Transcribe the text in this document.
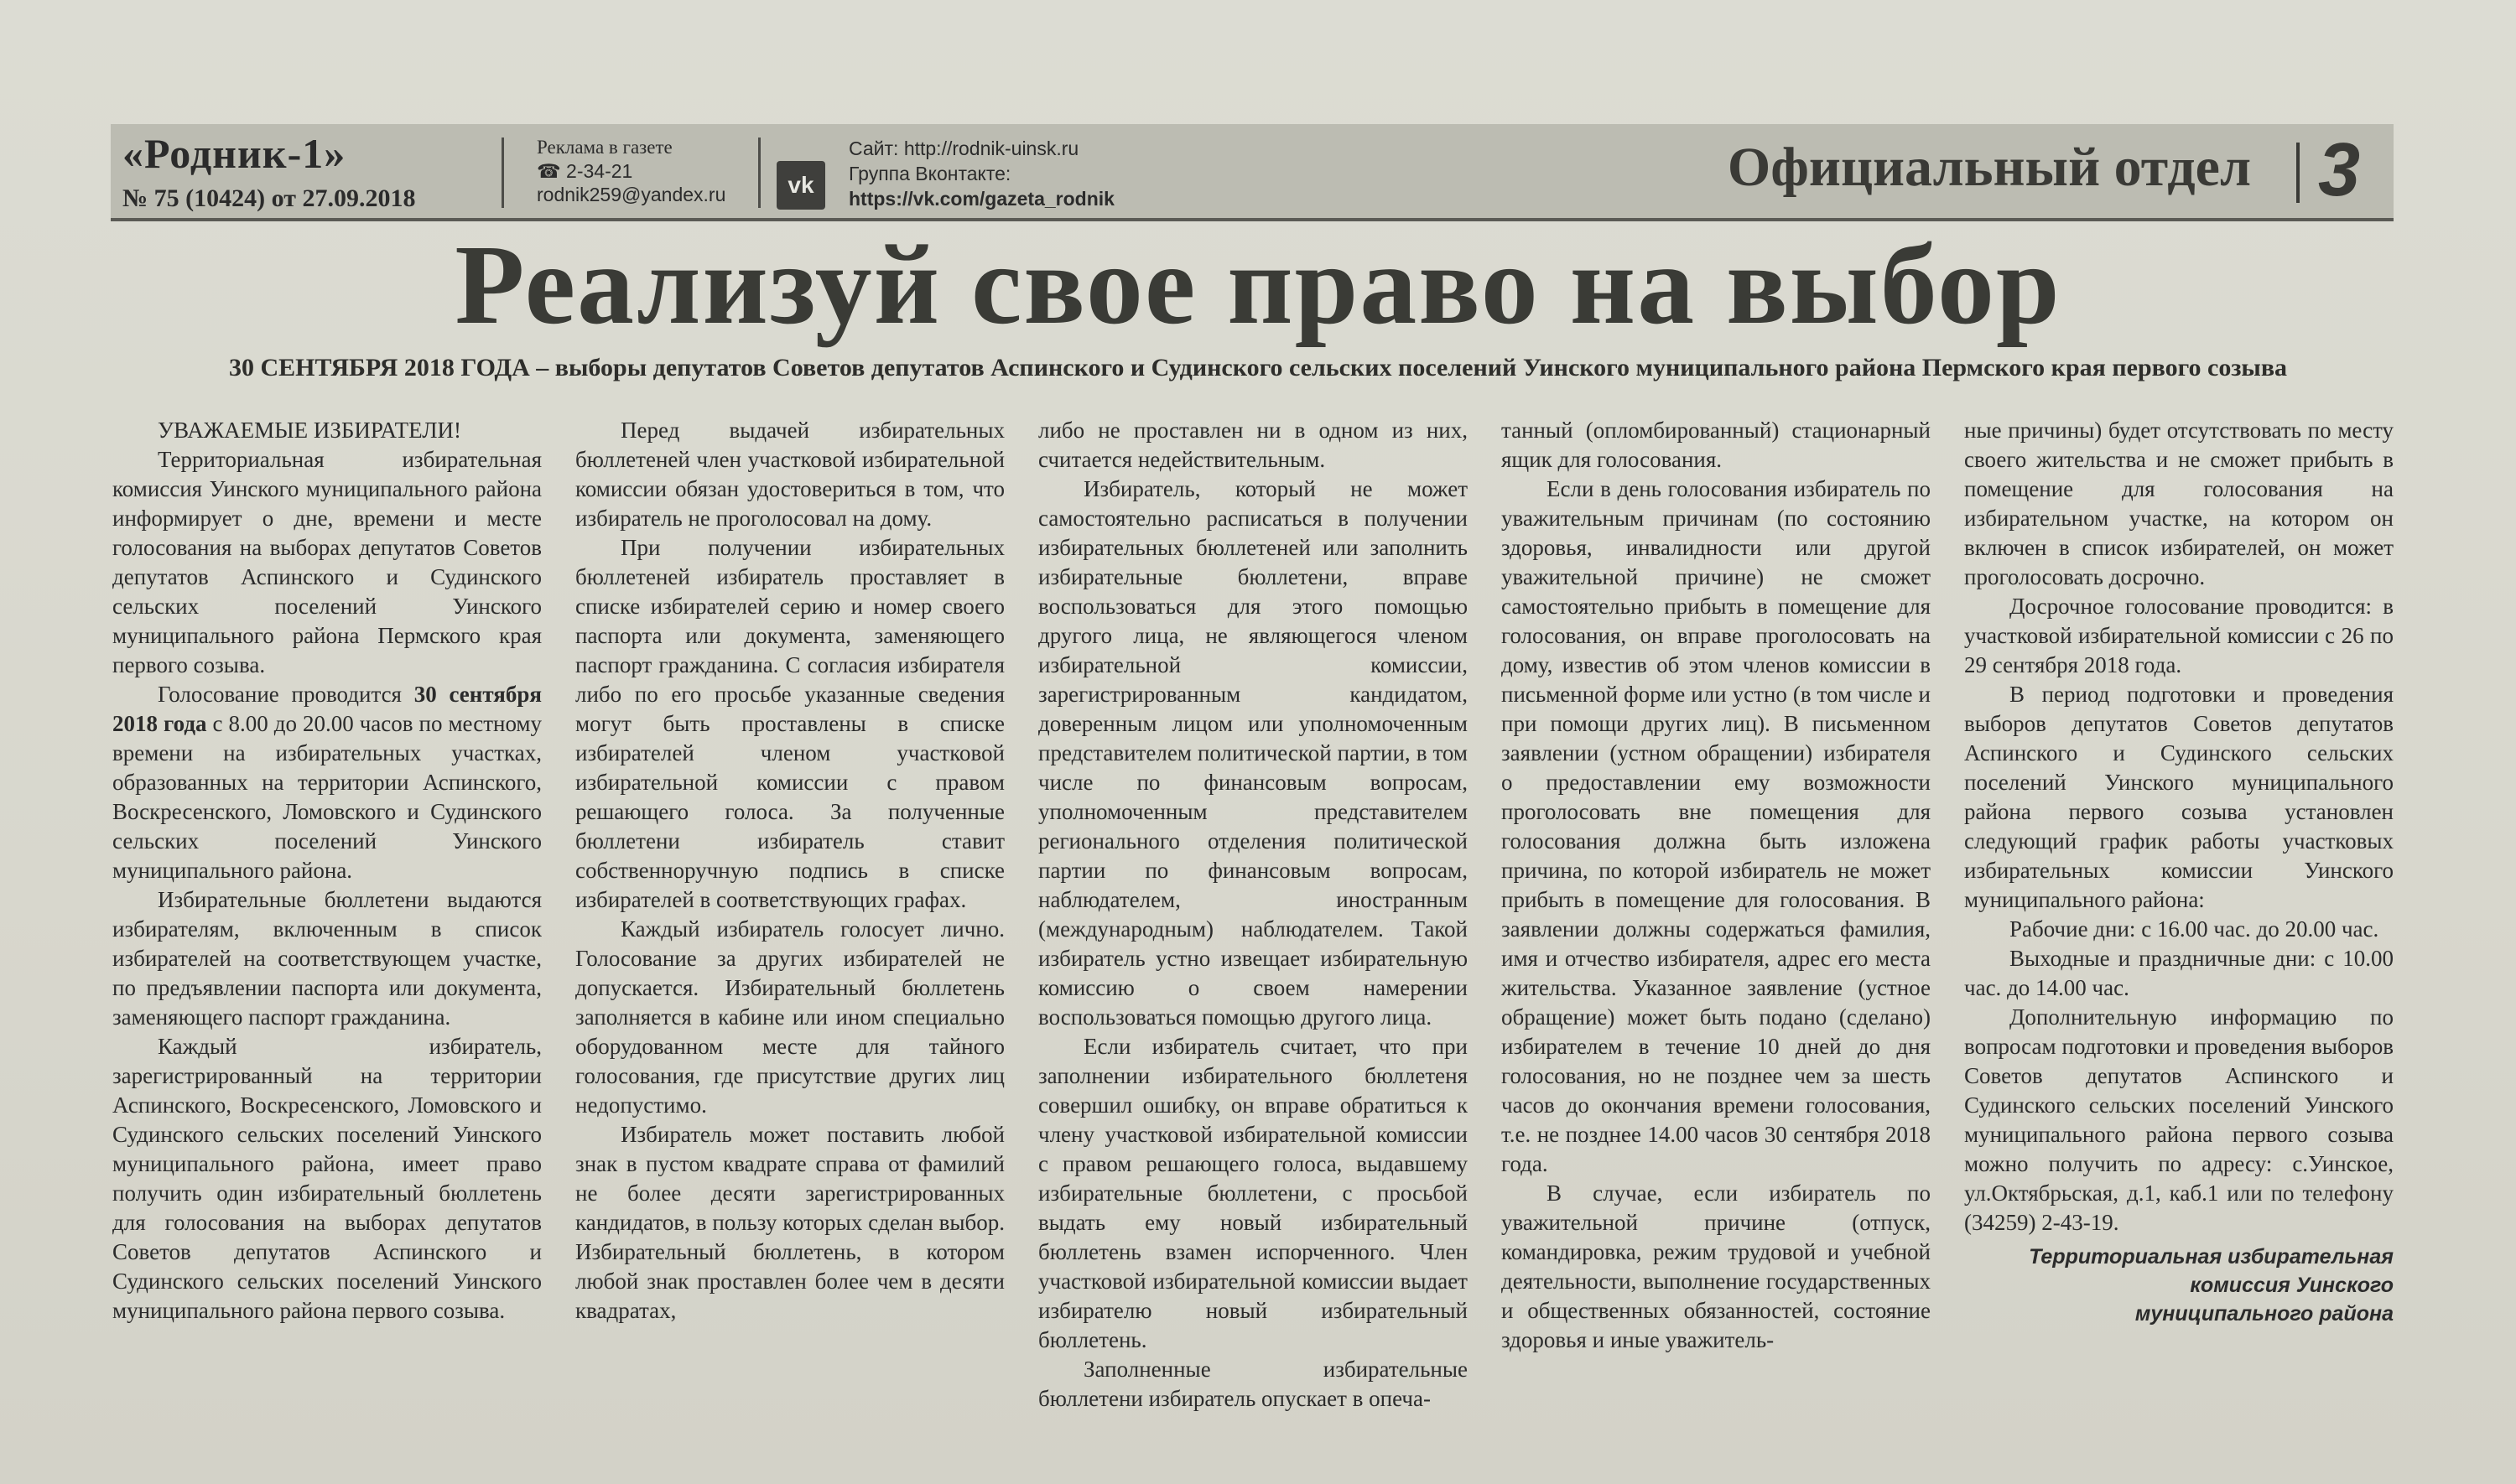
«Родник-1»
№ 75 (10424) от 27.09.2018
Реклама в газете
☎ 2-34-21
rodnik259@yandex.ru	vk
Сайт: http://rodnik-uinsk.ru
Группа Вконтакте:
https://vk.com/gazeta_rodnik
Официальный отдел 3
Реализуй свое право на выбор
30 СЕНТЯБРЯ 2018 ГОДА – выборы депутатов Советов депутатов Аспинского и Судинского сельских поселений Уинского муниципального района Пермского края первого созыва

УВАЖАЕМЫЕ ИЗБИРАТЕЛИ!

Территориальная избирательная комиссия Уинского муниципального района информирует о дне, времени и месте голосования на выборах депутатов Советов депутатов Аспинского и Судинского сельских поселений Уинского муниципального района Пермского края первого созыва.

Голосование проводится 30 сентября 2018 года с 8.00 до 20.00 часов по местному времени на избирательных участках, образованных на территории Аспинского, Воскресенского, Ломовского и Судинского сельских поселений Уинского муниципального района.

Избирательные бюллетени выдаются избирателям, включенным в список избирателей на соответствующем участке, по предъявлении паспорта или документа, заменяющего паспорт гражданина.

Каждый избиратель, зарегистрированный на территории Аспинского, Воскресенского, Ломовского и Судинского сельских поселений Уинского муниципального района, имеет право получить один избирательный бюллетень для голосования на выборах депутатов Советов депутатов Аспинского и Судинского сельских поселений Уинского муниципального района первого созыва.

Перед выдачей избирательных бюллетеней член участковой избирательной комиссии обязан удостовериться в том, что избиратель не проголосовал на дому.

При получении избирательных бюллетеней избиратель проставляет в списке избирателей серию и номер своего паспорта или документа, заменяющего паспорт гражданина. С согласия избирателя либо по его просьбе указанные сведения могут быть проставлены в списке избирателей членом участковой избирательной комиссии с правом решающего голоса. За полученные бюллетени избиратель ставит собственноручную подпись в списке избирателей в соответствующих графах.

Каждый избиратель голосует лично. Голосование за других избирателей не допускается. Избирательный бюллетень заполняется в кабине или ином специально оборудованном месте для тайного голосования, где присутствие других лиц недопустимо.

Избиратель может поставить любой знак в пустом квадрате справа от фамилий не более десяти зарегистрированных кандидатов, в пользу которых сделан выбор. Избирательный бюллетень, в котором любой знак проставлен более чем в десяти квадратах,

либо не проставлен ни в одном из них, считается недействительным.

Избиратель, который не может самостоятельно расписаться в получении избирательных бюллетеней или заполнить избирательные бюллетени, вправе воспользоваться для этого помощью другого лица, не являющегося членом избирательной комиссии, зарегистрированным кандидатом, доверенным лицом или уполномоченным представителем политической партии, в том числе по финансовым вопросам, уполномоченным представителем регионального отделения политической партии по финансовым вопросам, наблюдателем, иностранным (международным) наблюдателем. Такой избиратель устно извещает избирательную комиссию о своем намерении воспользоваться помощью другого лица.

Если избиратель считает, что при заполнении избирательного бюллетеня совершил ошибку, он вправе обратиться к члену участковой избирательной комиссии с правом решающего голоса, выдавшему избирательные бюллетени, с просьбой выдать ему новый избирательный бюллетень взамен испорченного. Член участковой избирательной комиссии выдает избирателю новый избирательный бюллетень.

Заполненные избирательные бюллетени избиратель опускает в опеча-

танный (опломбированный) стационарный ящик для голосования.

Если в день голосования избиратель по уважительным причинам (по состоянию здоровья, инвалидности или другой уважительной причине) не сможет самостоятельно прибыть в помещение для голосования, он вправе проголосовать на дому, известив об этом членов комиссии в письменной форме или устно (в том числе и при помощи других лиц). В письменном заявлении (устном обращении) избирателя о предоставлении ему возможности проголосовать вне помещения для голосования должна быть изложена причина, по которой избиратель не может прибыть в помещение для голосования. В заявлении должны содержаться фамилия, имя и отчество избирателя, адрес его места жительства. Указанное заявление (устное обращение) может быть подано (сделано) избирателем в течение 10 дней до дня голосования, но не позднее чем за шесть часов до окончания времени голосования, т.е. не позднее 14.00 часов 30 сентября 2018 года.

В случае, если избиратель по уважительной причине (отпуск, командировка, режим трудовой и учебной деятельности, выполнение государственных и общественных обязанностей, состояние здоровья и иные уважитель-

ные причины) будет отсутствовать по месту своего жительства и не сможет прибыть в помещение для голосования на избирательном участке, на котором он включен в список избирателей, он может проголосовать досрочно.

Досрочное голосование проводится: в участковой избирательной комиссии с 26 по 29 сентября 2018 года.

В период подготовки и проведения выборов депутатов Советов депутатов Аспинского и Судинского сельских поселений Уинского муниципального района первого созыва установлен следующий график работы участковых избирательных комиссии Уинского муниципального района:

Рабочие дни: с 16.00 час. до 20.00 час.

Выходные и праздничные дни: с 10.00 час. до 14.00 час.

Дополнительную информацию по вопросам подготовки и проведения выборов Советов депутатов Аспинского и Судинского сельских поселений Уинского муниципального района первого созыва можно получить по адресу: с.Уинское, ул.Октябрьская, д.1, каб.1 или по телефону (34259) 2-43-19.

Территориальная избирательная
комиссия Уинского
муниципального района
